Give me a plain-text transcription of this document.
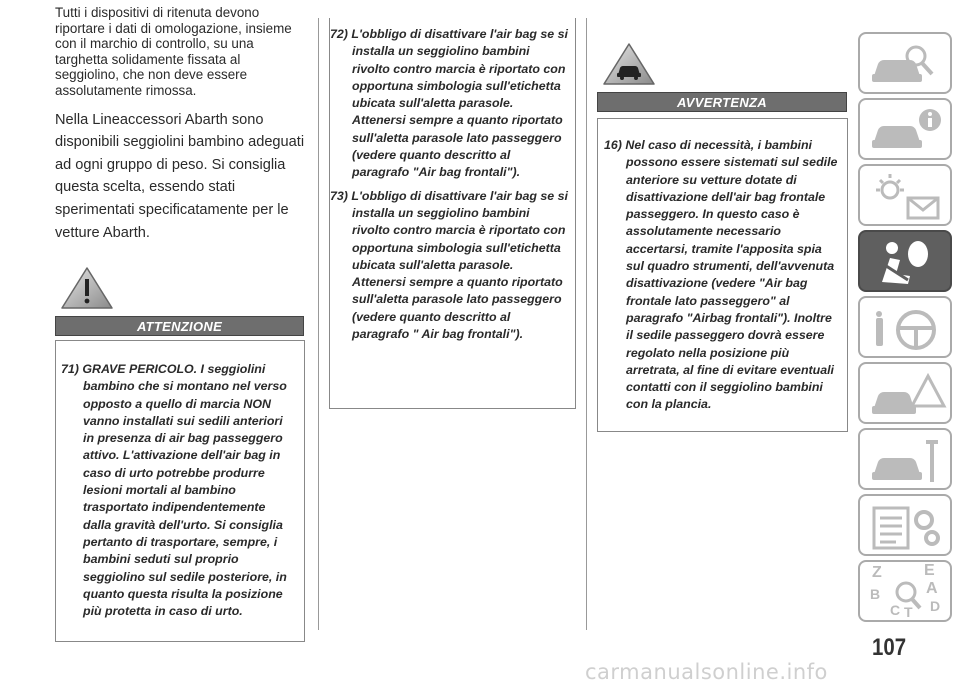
Tutti i dispositivi di ritenuta devono riportare i dati di omologazione, insieme con il marchio di controllo, su una targhetta solidamente fissata al seggiolino, che non deve essere assolutamente rimossa.

Nella Lineaccessori Abarth sono disponibili seggiolini bambino adeguati ad ogni gruppo di peso. Si consiglia questa scelta, essendo stati sperimentati specificatamente per le vetture Abarth.

ATTENZIONE

71) GRAVE PERICOLO. I seggiolini bambino che si montano nel verso opposto a quello di marcia NON vanno installati sui sedili anteriori in presenza di air bag passeggero attivo. L'attivazione dell'air bag in caso di urto potrebbe produrre lesioni mortali al bambino trasportato indipendentemente dalla gravità dell'urto. Si consiglia pertanto di trasportare, sempre, i bambini seduti sul proprio seggiolino sul sedile posteriore, in quanto questa risulta la posizione più protetta in caso di urto.

72) L'obbligo di disattivare l'air bag se si installa un seggiolino bambini rivolto contro marcia è riportato con opportuna simbologia sull'etichetta ubicata sull'aletta parasole. Attenersi sempre a quanto riportato sull'aletta parasole lato passeggero (vedere quanto descritto al paragrafo "Air bag frontali").

73) L'obbligo di disattivare l'air bag se si installa un seggiolino bambini rivolto contro marcia è riportato con opportuna simbologia sull'etichetta ubicata sull'aletta parasole. Attenersi sempre a quanto riportato sull'aletta parasole lato passeggero (vedere quanto descritto al paragrafo " Air bag frontali").

AVVERTENZA

16) Nel caso di necessità, i bambini possono essere sistemati sul sedile anteriore su vetture dotate di disattivazione dell'air bag frontale passeggero. In questo caso è assolutamente necessario accertarsi, tramite l'apposita spia sul quadro strumenti, dell'avvenuta disattivazione (vedere "Air bag frontale lato passeggero" al paragrafo "Airbag frontali"). Inoltre il sedile passeggero dovrà essere regolato nella posizione più arretrata, al fine di evitare eventuali contatti con il seggiolino bambini con la plancia.

Z	E
A
B
C T D
107
carmanualsonline.info
